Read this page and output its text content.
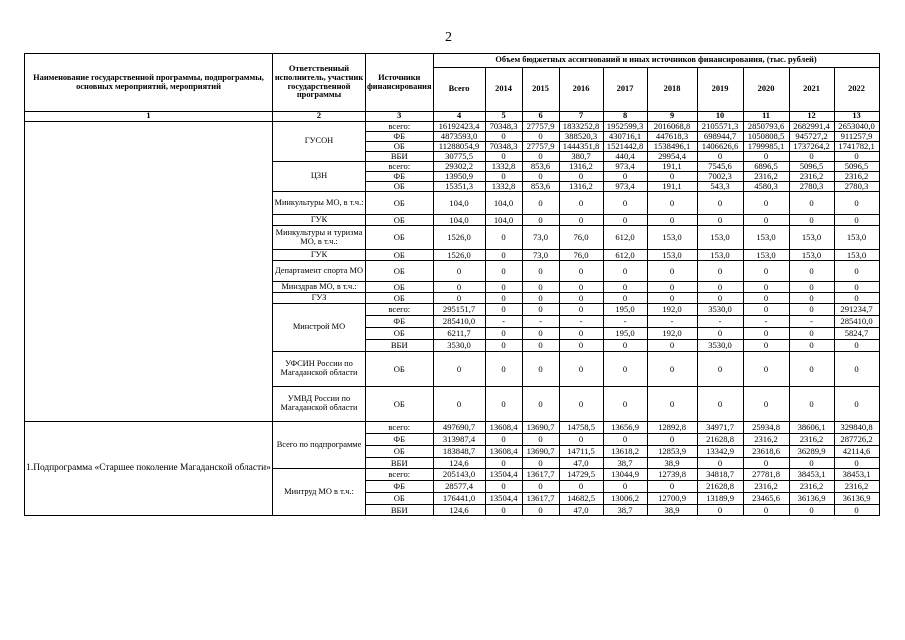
2
Наименование государственной программы, подпрограммы, основных мероприятий, мероприятий	Ответственный исполнитель, участник государственной программы	Источники финансирования	Объем бюджетных ассигнований и иных источников финансирования, (тыс. рублей)									
			Всего	2014	2015	2016	2017	2018	2019	2020	2021	2022
1	2	3	4	5	6	7	8	9	10	11	12	13
	ГУСОН	всего:	16192423,4	70348,3	27757,9	1833252,8	1952599,3	2016068,8	2105571,3	2850793,6	2682991,4	2653040,0
		ФБ	4873593,0	0	0	388520,3	430716,1	447618,3	698944,7	1050808,5	945727,2	911257,9
		ОБ	11288054,9	70348,3	27757,9	1444351,8	1521442,8	1538496,1	1406626,6	1799985,1	1737264,2	1741782,1
		ВБИ	30775,5	0	0	380,7	440,4	29954,4	0	0	0	0
	ЦЗН	всего:	29302,2	1332,8	853,6	1316,2	973,4	191,1	7545,6	6896,5	5096,5	5096,5
		ФБ	13950,9	0	0	0	0	0	7002,3	2316,2	2316,2	2316,2
		ОБ	15351,3	1332,8	853,6	1316,2	973,4	191,1	543,3	4580,3	2780,3	2780,3
	Минкультуры МО, в т.ч.:	ОБ	104,0	104,0	0	0	0	0	0	0	0	0
	ГУК	ОБ	104,0	104,0	0	0	0	0	0	0	0	0
	Минкультуры и туризма МО, в т.ч.:	ОБ	1526,0	0	73,0	76,0	612,0	153,0	153,0	153,0	153,0	153,0
	ГУК	ОБ	1526,0	0	73,0	76,0	612,0	153,0	153,0	153,0	153,0	153,0
	Департамент спорта МО	ОБ	0	0	0	0	0	0	0	0	0	0
	Минздрав МО, в т.ч.:	ОБ	0	0	0	0	0	0	0	0	0	0
	ГУЗ	ОБ	0	0	0	0	0	0	0	0	0	0
	Минстрой МО	всего:	295151,7	0	0	0	195,0	192,0	3530,0	0	0	291234,7
		ФБ	285410,0	-	-	-	-	-	-	-	-	285410,0
		ОБ	6211,7	0	0	0	195,0	192,0	0	0	0	5824,7
		ВБИ	3530,0	0	0	0	0	0	3530,0	0	0	0
	УФСИН России по Магаданской области	ОБ	0	0	0	0	0	0	0	0	0	0
	УМВД России по Магаданской области	ОБ	0	0	0	0	0	0	0	0	0	0
1.Подпрограмма «Старшее поколение Магаданской области»	Всего по подпрограмме	всего:	497690,7	13608,4	13690,7	14758,5	13656,9	12892,8	34971,7	25934,8	38606,1	329840,8
		ФБ	313987,4	0	0	0	0	0	21628,8	2316,2	2316,2	287726,2
		ОБ	183848,7	13608,4	13690,7	14711,5	13618,2	12853,9	13342,9	23618,6	36289,9	42114,6
		ВБИ	124,6	0	0	47,0	38,7	38,9	0	0	0	0
	Минтруд МО в т.ч.:	всего:	205143,0	13504,4	13617,7	14729,5	13044,9	12739,8	34818,7	27781,8	38453,1	38453,1
		ФБ	28577,4	0	0	0	0	0	21628,8	2316,2	2316,2	2316,2
		ОБ	176441,0	13504,4	13617,7	14682,5	13006,2	12700,9	13189,9	23465,6	36136,9	36136,9
		ВБИ	124,6	0	0	47,0	38,7	38,9	0	0	0	0
